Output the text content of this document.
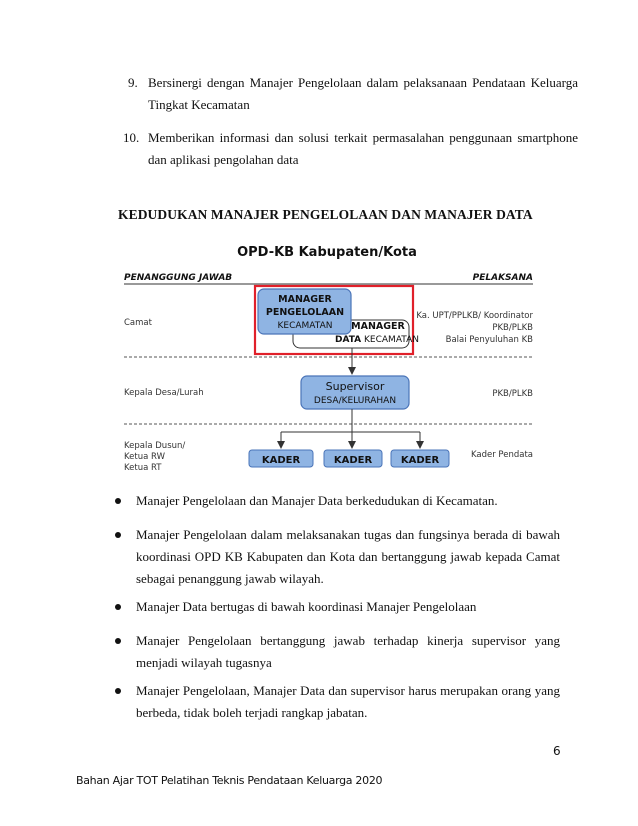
9. Bersinergi dengan Manajer Pengelolaan dalam pelaksanaan Pendataan Keluarga Tingkat Kecamatan
10. Memberikan informasi dan solusi terkait permasalahan penggunaan smartphone dan aplikasi pengolahan data
KEDUDUKAN MANAJER PENGELOLAAN DAN MANAJER DATA
OPD-KB Kabupaten/Kota
PENANGGUNG JAWAB	PELAKSANA
Camat
MANAGER
PENGELOLAAN
KECAMATAN MANAGER
DATA KECAMATAN
Ka. UPT/PPLKB/ Koordinator
PKB/PLKB
Balai Penyuluhan KB
Kepala Desa/Lurah	Supervisor
DESA/KELURAHAN
PKB/PLKB
Kepala Dusun/
Ketua RW
Ketua RT
KADER	KADER	KADER	Kader Pendata
Manajer Pengelolaan dan Manajer Data berkedudukan di Kecamatan.
Manajer Pengelolaan dalam melaksanakan tugas dan fungsinya berada di bawah koordinasi OPD KB Kabupaten dan Kota dan bertanggung jawab kepada Camat sebagai penanggung jawab wilayah.
Manajer Data bertugas di bawah koordinasi Manajer Pengelolaan
Manajer Pengelolaan bertanggung jawab terhadap kinerja supervisor yang menjadi wilayah tugasnya
Manajer Pengelolaan, Manajer Data dan supervisor harus merupakan orang yang berbeda, tidak boleh terjadi rangkap jabatan.
6
Bahan Ajar TOT Pelatihan Teknis Pendataan Keluarga 2020
